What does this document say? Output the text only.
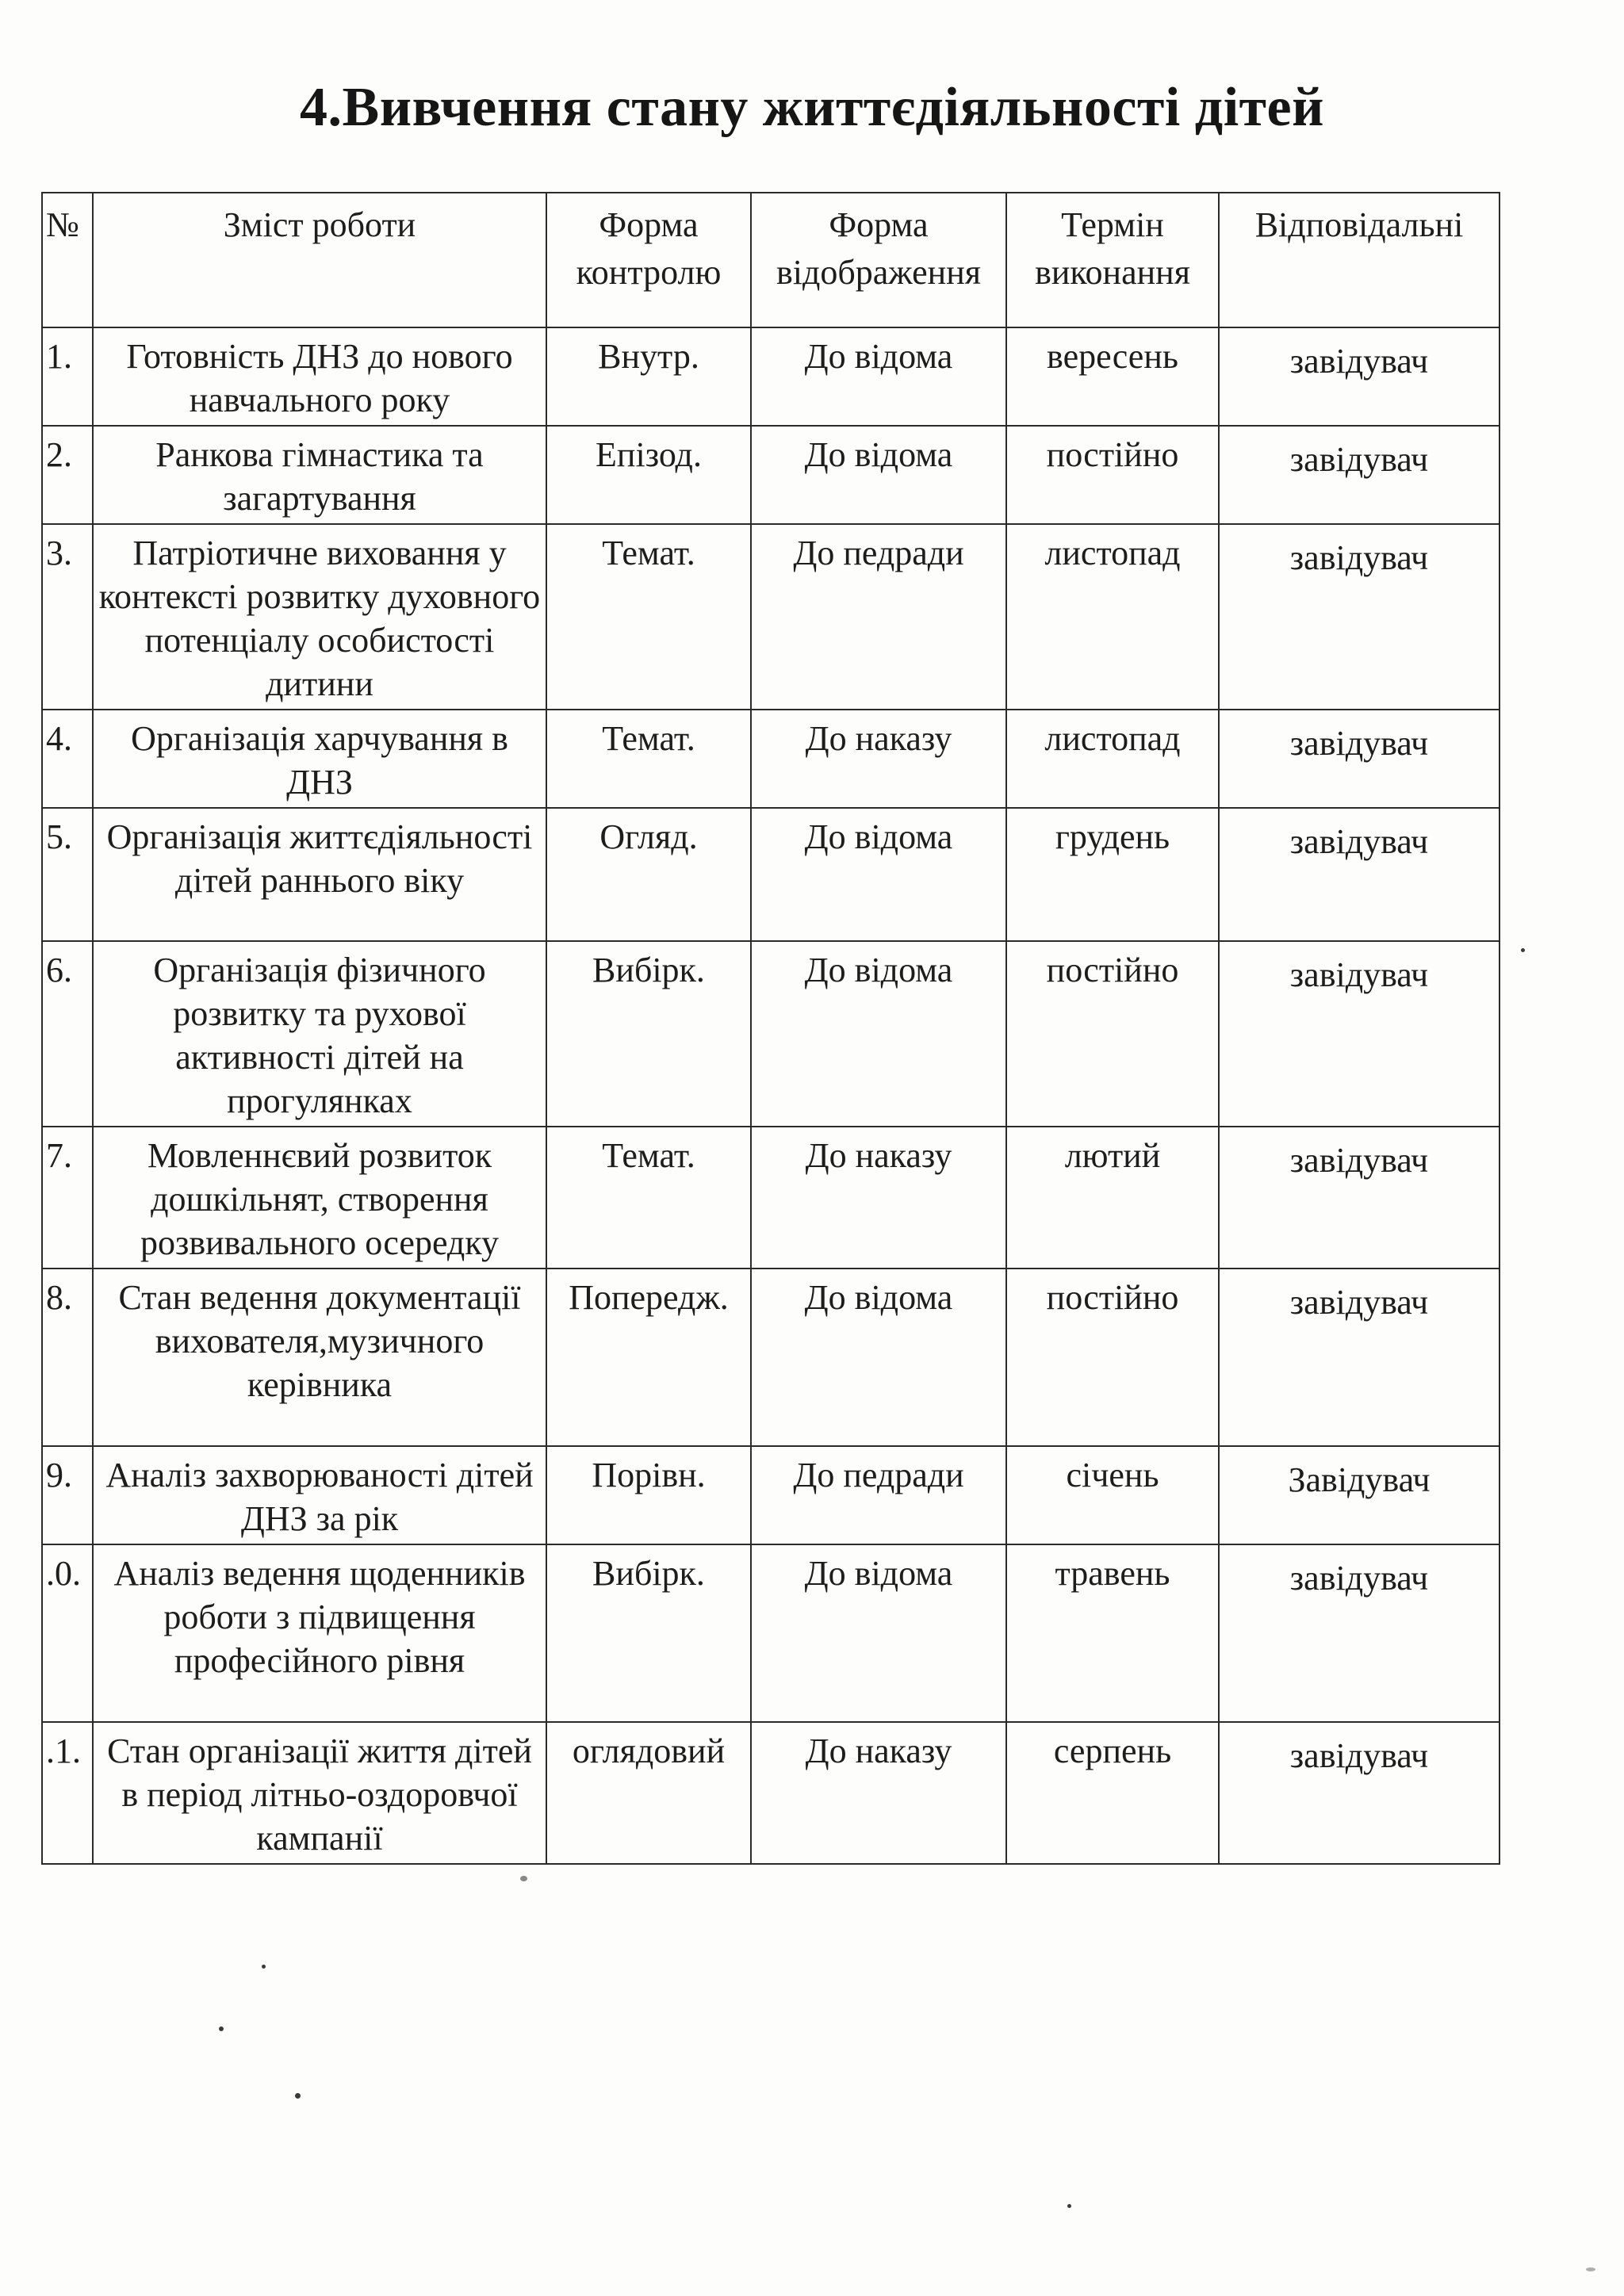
4.Вивчення стану життєдіяльності дітей
№	Зміст роботи	Форма контролю	Форма відображення	Термін виконання	Відповідальні
1.	Готовність ДНЗ до нового навчального року	Внутр.	До відома	вересень	завідувач
2.	Ранкова гімнастика та загартування	Епізод.	До відома	постійно	завідувач
3.	Патріотичне виховання у контексті розвитку духовного потенціалу особистості дитини	Темат.	До педради	листопад	завідувач
4.	Організація харчування в ДНЗ	Темат.	До наказу	листопад	завідувач
5.	Організація життєдіяльності дітей раннього віку	Огляд.	До відома	грудень	завідувач
6.	Організація фізичного розвитку та рухової активності дітей на прогулянках	Вибірк.	До відома	постійно	завідувач
7.	Мовленнєвий розвиток дошкільнят, створення розвивального осередку	Темат.	До наказу	лютий	завідувач
8.	Стан ведення документації вихователя,музичного керівника	Попередж.	До відома	постійно	завідувач
9.	Аналіз захворюваності дітей ДНЗ за рік	Порівн.	До педради	січень	Завідувач
.0.	Аналіз ведення щоденників роботи з підвищення професійного рівня	Вибірк.	До відома	травень	завідувач
.1.	Стан організації життя дітей в період літньо-оздоровчої кампанії	оглядовий	До наказу	серпень	завідувач
